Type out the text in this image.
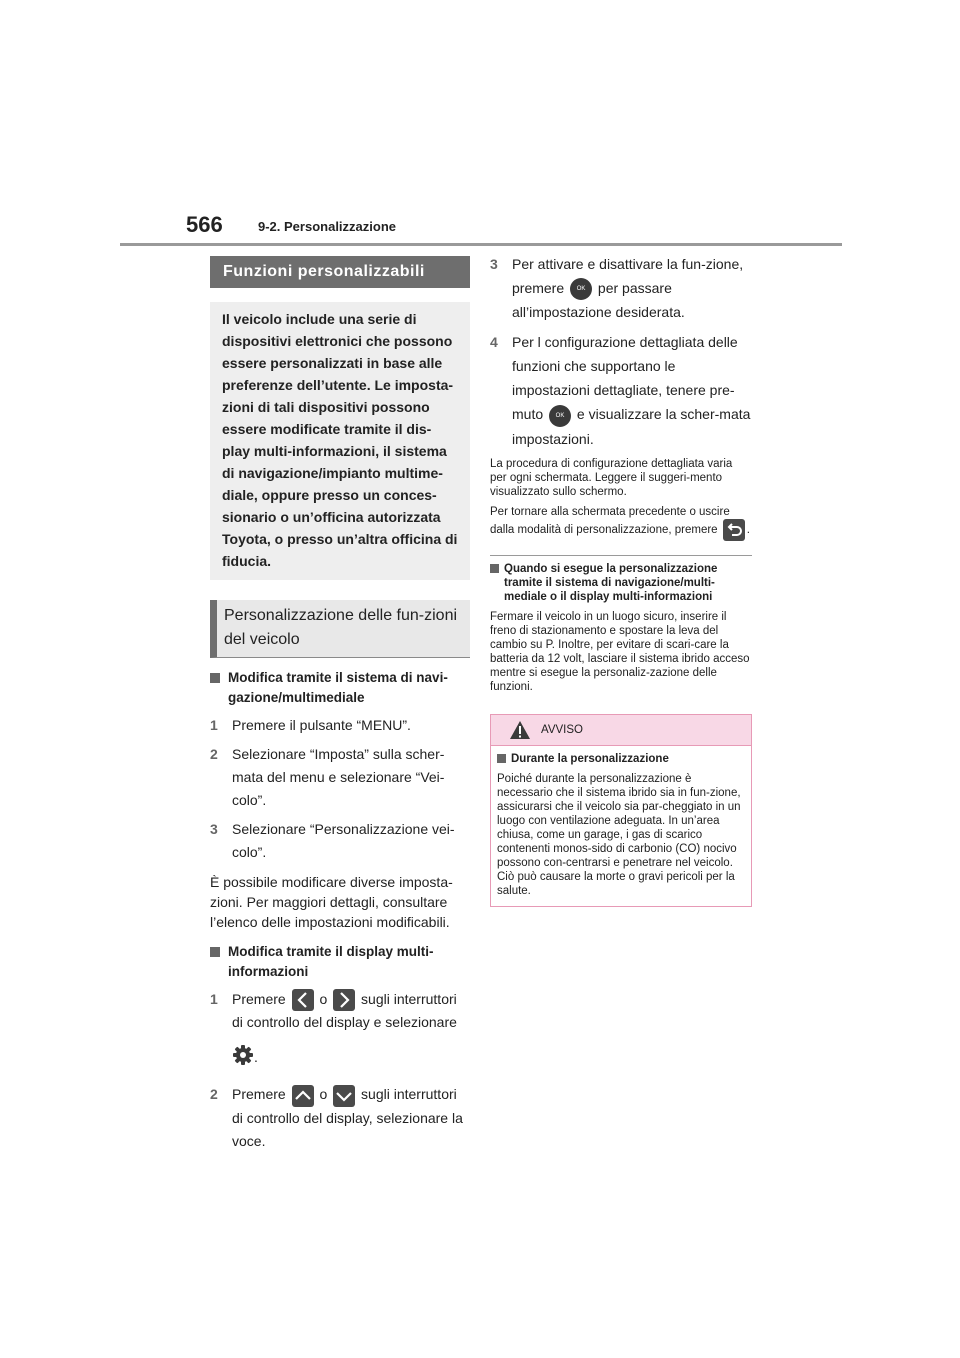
566	9-2. Personalizzazione
Funzioni personalizzabili
Il veicolo include una serie di dispositivi elettronici che possono essere personalizzati in base alle preferenze dell’utente. Le imposta-zioni di tali dispositivi possono essere modificate tramite il dis-play multi-informazioni, il sistema di navigazione/impianto multime-diale, oppure presso un conces-sionario o un’officina autorizzata Toyota, o presso un’altra officina di fiducia.
Personalizzazione delle fun-zioni del veicolo
Modifica tramite il sistema di navi-gazione/multimediale
1 Premere il pulsante “MENU”.
2 Selezionare “Imposta” sulla scher-mata del menu e selezionare “Vei-colo”.
3 Selezionare “Personalizzazione vei-colo”.
È possibile modificare diverse imposta-zioni. Per maggiori dettagli, consultare l’elenco delle impostazioni modificabili.
Modifica tramite il display multi-informazioni
1 Premere o sugli interruttori di controllo del display e selezionare
.
2 Premere o sugli interruttori di controllo del display, selezionare la voce.
3 Per attivare e disattivare la fun-zione, premere OK per passare all’impostazione desiderata.
4 Per l configurazione dettagliata delle funzioni che supportano le impostazioni dettagliate, tenere pre-muto OK e visualizzare la scher-mata impostazioni.
La procedura di configurazione dettagliata varia per ogni schermata. Leggere il suggeri-mento visualizzato sullo schermo.
Per tornare alla schermata precedente o uscire dalla modalità di personalizzazione, premere	.
Quando si esegue la personalizzazione tramite il sistema di navigazione/multi-mediale o il display multi-informazioni
Fermare il veicolo in un luogo sicuro, inserire il freno di stazionamento e spostare la leva del cambio su P. Inoltre, per evitare di scari-care la batteria da 12 volt, lasciare il sistema ibrido acceso mentre si esegue la personaliz-zazione delle funzioni.
AVVISO
Durante la personalizzazione
Poiché durante la personalizzazione è necessario che il sistema ibrido sia in fun-zione, assicurarsi che il veicolo sia par-cheggiato in un luogo con ventilazione adeguata. In un’area chiusa, come un garage, i gas di scarico contenenti monos-sido di carbonio (CO) nocivo possono con-centrarsi e penetrare nel veicolo. Ciò può causare la morte o gravi pericoli per la salute.
